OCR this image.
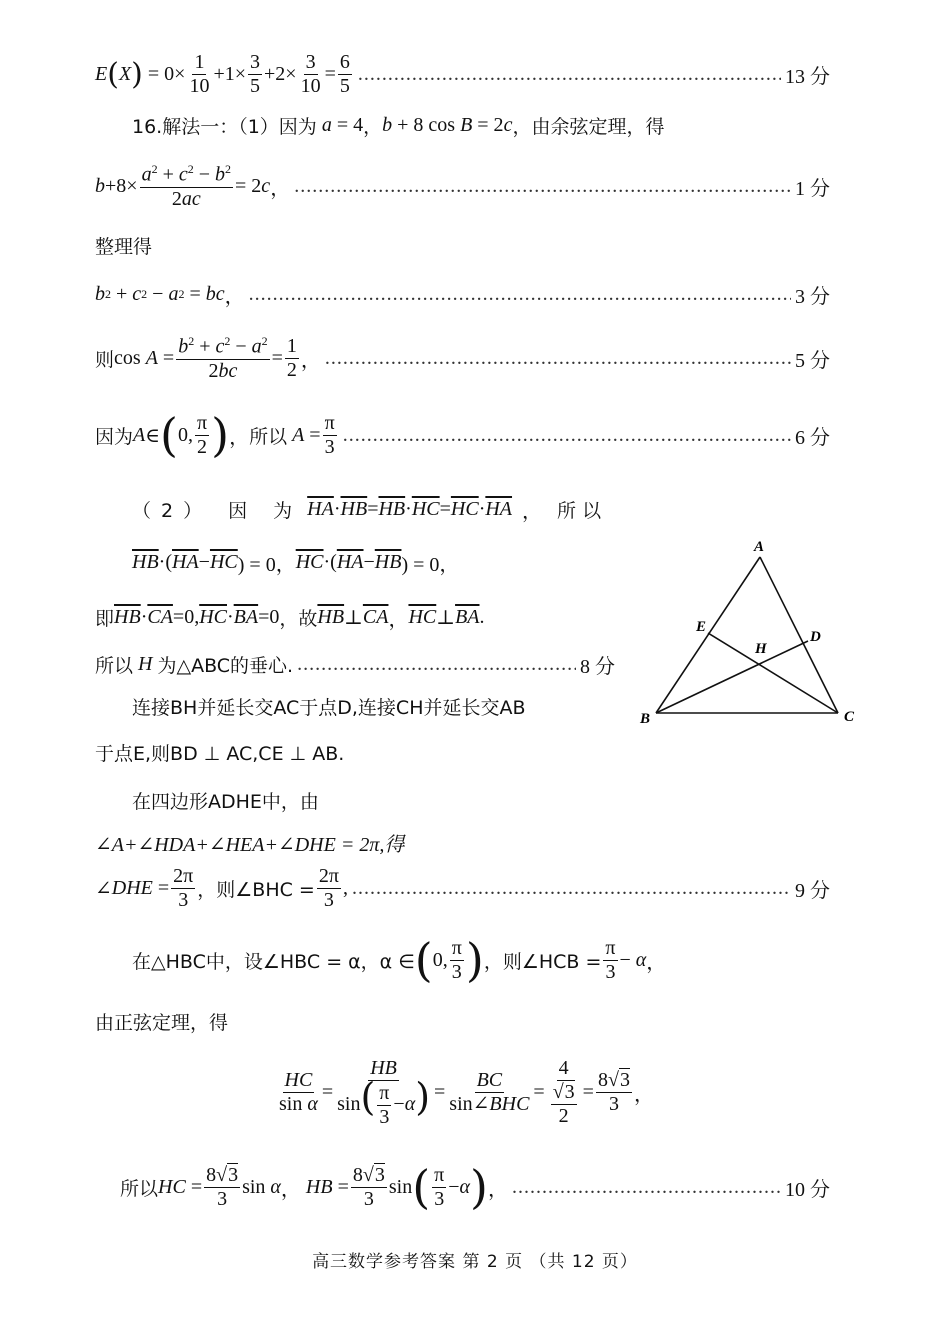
E ( X ) = $0\times \frac{1}{10} +1\times \frac{3}{5} +2\times \frac{3}{10} = \frac{6}{5}$ .....	13 分
16.解法一：（1）因为 a = 4 ， b + 8 cos B = 2 c ，由余弦定理，得
$b +8\times \frac{a^2 + c^2 - b^2}{2ac} = 2$ c ， .....	1 分
整理得
b 2 + c 2 − a 2 = bc ， .....	3 分
则 $\cos A = \frac{b^2 + c^2 - a^2}{2bc} = \frac{1}{2}$ ， .....	5 分
因为 A ∈ ( 0, $\frac{\pi}{2}$ ) ， 所以
$A = \frac{\pi}{3}$ .....	6 分
（2） 因 为
$\overline{HA} \cdot \overline{HB} = \overline{HB} \cdot \overline{HC} = \overline{HC} \cdot \overline{HA}$ ， 所 以
$\overline{HB}$ ·( $\overline{HA} - \overline{HC}$ ) = 0， $\overline{HC}$ ·( $\overline{HA} - \overline{HB}$ ) = 0，
即 $\overline{HB} \cdot \overline{CA} =0$, $\overline{HC} \cdot \overline{BA} =0$ ，故 $\overline{HB}$ ⊥ $\overline{CA}$ ， $\overline{HC}$ ⊥ $\overline{BA}$ .
所以 H 为△ABC的垂心. .....	8 分
连接BH并延长交AC于点D,连接CH并延长交AB
于点E,则BD ⊥ AC,CE ⊥ AB.
A
B	C
D
E
H
在四边形ADHE中，由
∠A+∠HDA+∠HEA+∠DHE = 2π,得
∠ DHE = $\frac{2\pi}{3}$ ，则∠BHC = $\frac{2\pi}{3}$ , .....	9 分
在△HBC中，设∠HBC = α，α ∈ ( 0, $\frac{\pi}{3}$ ) ，则∠HCB = $\frac{\pi}{3} - \alpha$ ，
由正弦定理，得
$\frac{HC}{\text{sin α}} = \frac{HB}{\sin( \frac{\pi}{3} -\alpha)} = \frac{BC}{\text{sin∠BHC}} = \frac{4}{\frac{√3}{2}} = \frac{8√3}{3}$ ，
所以 HC = $\frac{8√3}{3}$ sin α ， HB = $\frac{8√3}{3}$ sin ( $\frac{\pi}{3} - \alpha$ ) ， .....	10 分
高三数学参考答案 第 2 页 （共 12 页）
